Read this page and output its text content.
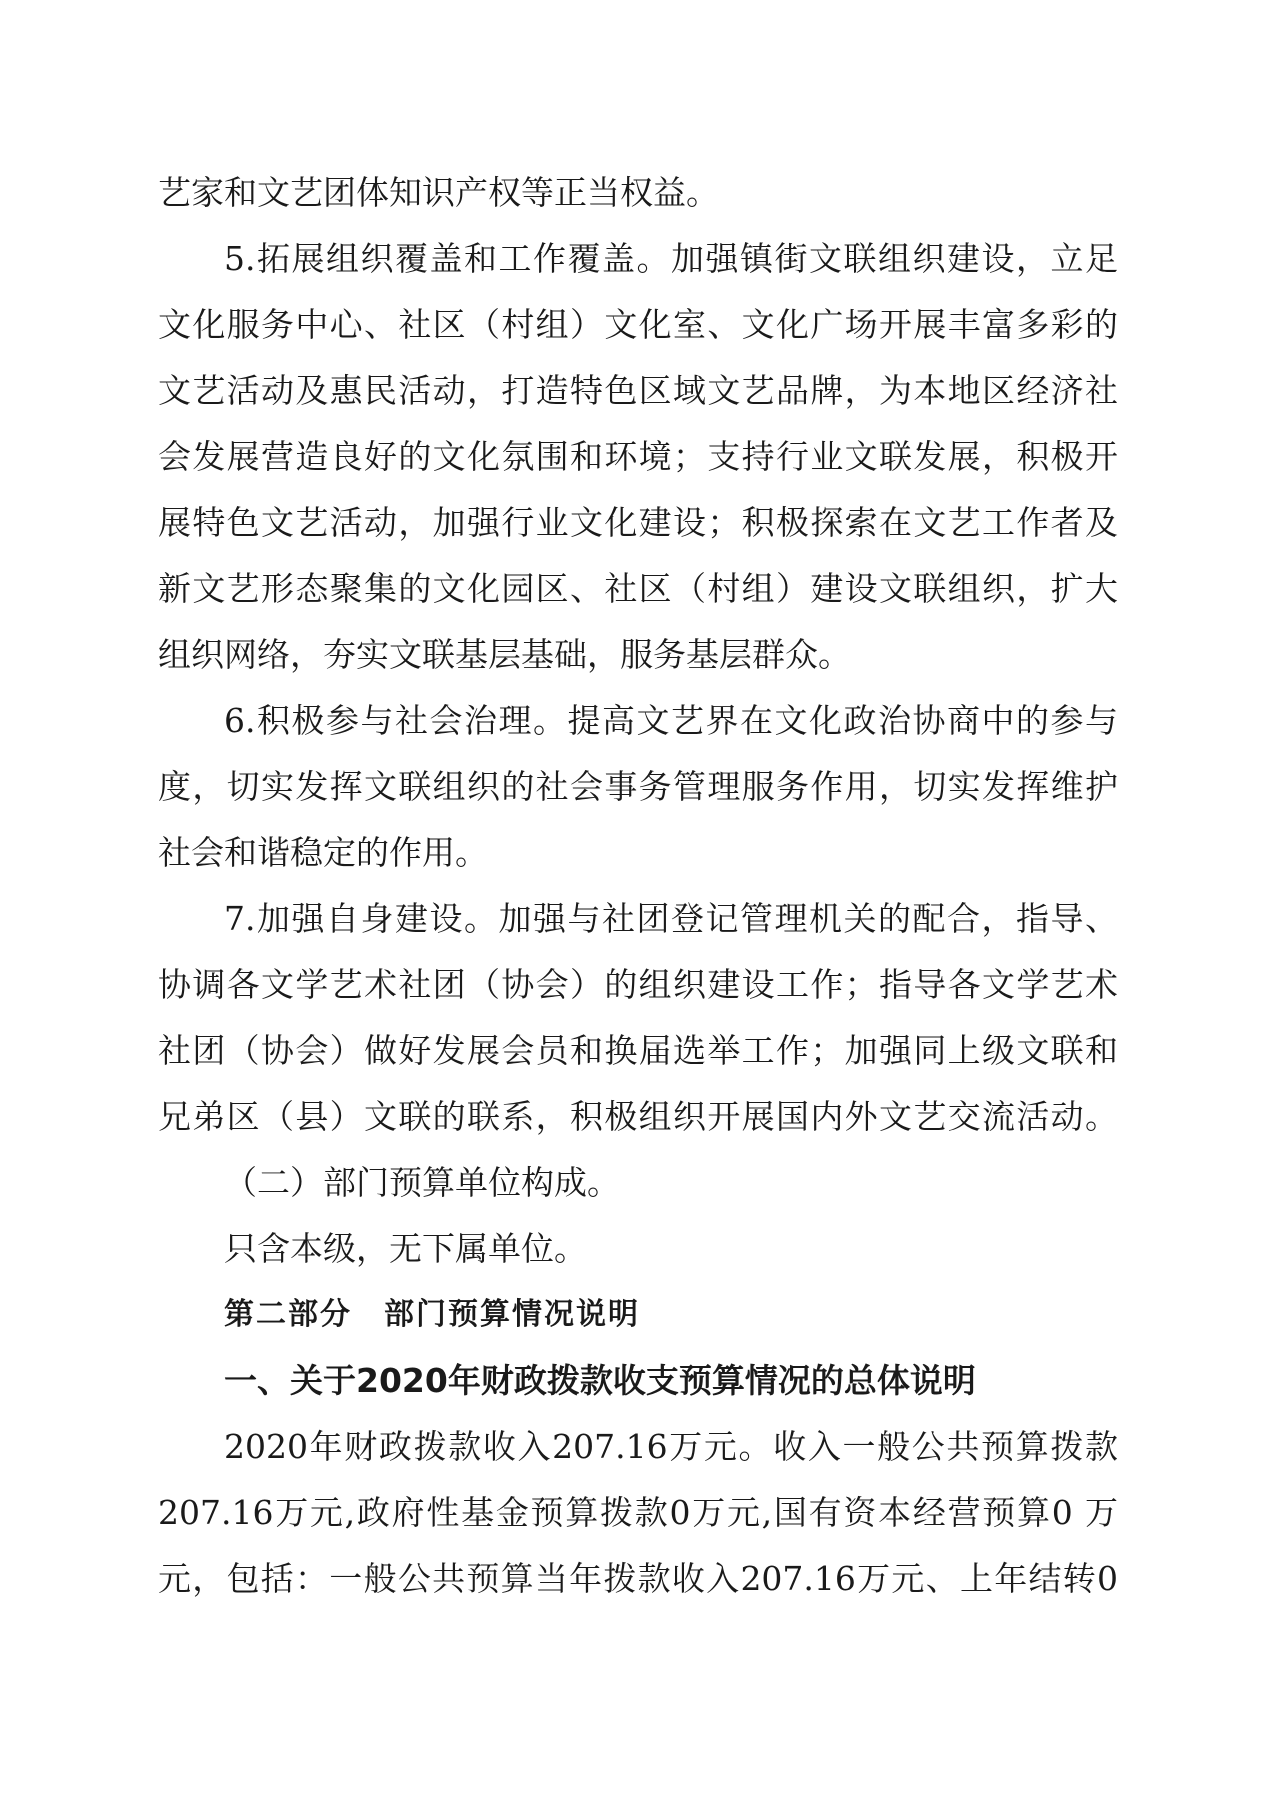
艺家和文艺团体知识产权等正当权益。
5.拓展组织覆盖和工作覆盖。加强镇街文联组织建设，立足
文化服务中心、社区（村组）文化室、文化广场开展丰富多彩的
文艺活动及惠民活动，打造特色区域文艺品牌，为本地区经济社
会发展营造良好的文化氛围和环境；支持行业文联发展，积极开
展特色文艺活动，加强行业文化建设；积极探索在文艺工作者及
新文艺形态聚集的文化园区、社区（村组）建设文联组织，扩大
组织网络，夯实文联基层基础，服务基层群众。
6.积极参与社会治理。提高文艺界在文化政治协商中的参与
度，切实发挥文联组织的社会事务管理服务作用，切实发挥维护
社会和谐稳定的作用。
7.加强自身建设。加强与社团登记管理机关的配合，指导、
协调各文学艺术社团（协会）的组织建设工作；指导各文学艺术
社团（协会）做好发展会员和换届选举工作；加强同上级文联和
兄弟区（县）文联的联系，积极组织开展国内外文艺交流活动。
（二）部门预算单位构成。
只含本级，无下属单位。
第二部分　部门预算情况说明
一、关于2020年财政拨款收支预算情况的总体说明
2020年财政拨款收入207.16万元。收入一般公共预算拨款
207.16万元,政府性基金预算拨款0万元,国有资本经营预算0 万
元，包括：一般公共预算当年拨款收入207.16万元、上年结转0
